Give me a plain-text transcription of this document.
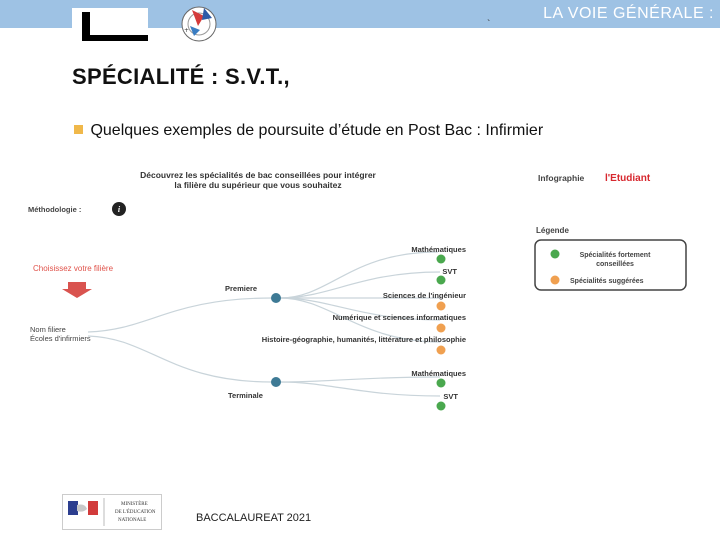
+
LA VOIE GÉNÉRALE :
`
SPÉCIALITÉ : S.V.T.,
Quelques exemples de poursuite d’étude en Post Bac : Infirmier
Découvrez les spécialités de bac conseillées pour intégrer
la filière du supérieur que vous souhaitez
Infographie l'Etudiant
Méthodologie :	i
Choisissez votre filière
Nom filiere
Écoles d'infirmiers
Premiere
Terminale
Mathématiques
SVT
Sciences de l'ingénieur
Numérique et sciences informatiques
Histoire-géographie, humanités, littérature et philosophie
Mathématiques
SVT
Légende
Spécialités fortement
conseillées
Spécialités suggérées
MINISTÈRE
DE L'ÉDUCATION
NATIONALE	BACCALAUREAT 2021
